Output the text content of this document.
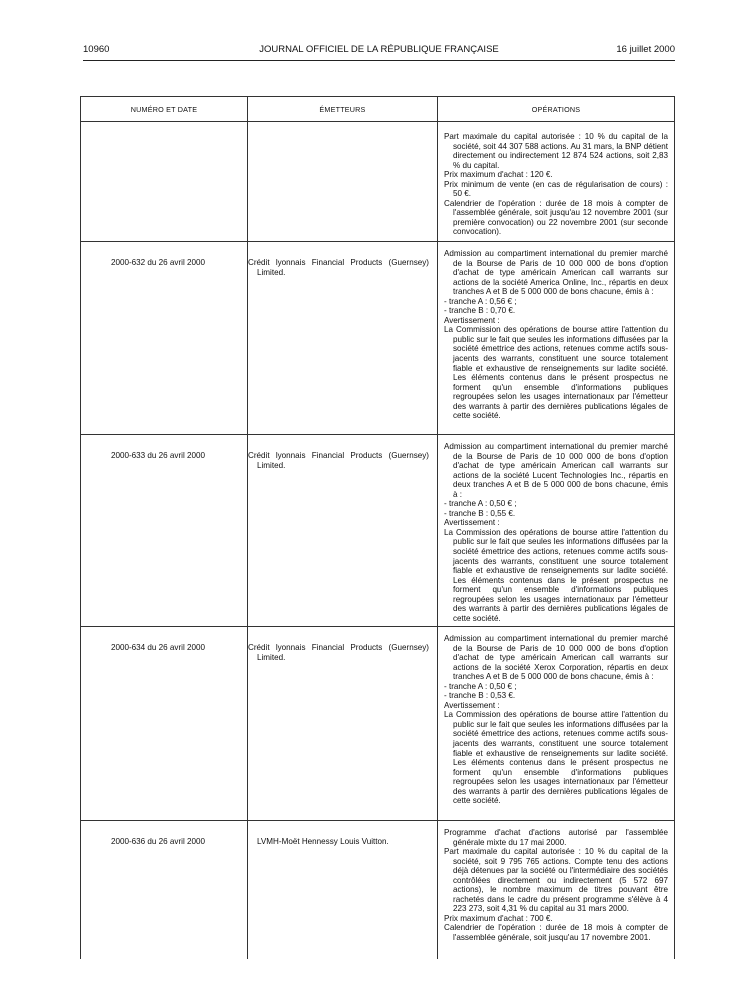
10960	JOURNAL OFFICIEL DE LA RÉPUBLIQUE FRANÇAISE	16 juillet 2000
NUMÉRO ET DATE	ÉMETTEURS	OPÉRATIONS

		Part maximale du capital autorisée : 10 % du capital de la société, soit 44 307 588 actions. Au 31 mars, la BNP détient directement ou indirectement 12 874 524 actions, soit 2,83 % du capital.

Prix maximum d'achat : 120 €.

Prix minimum de vente (en cas de régularisation de cours) : 50 €.

Calendrier de l'opération : durée de 18 mois à compter de l'assemblée générale, soit jusqu'au 12 novembre 2001 (sur première convocation) ou 22 novembre 2001 (sur seconde convocation).

2000-632 du 26 avril 2000	Crédit lyonnais Financial Products (Guernsey) Limited.	Admission au compartiment international du premier marché de la Bourse de Paris de 10 000 000 de bons d'option d'achat de type américain American call warrants sur actions de la société America Online, Inc., répartis en deux tranches A et B de 5 000 000 de bons chacune, émis à :

- tranche A : 0,56 € ;

- tranche B : 0,70 €.

Avertissement :

La Commission des opérations de bourse attire l'attention du public sur le fait que seules les informations diffusées par la société émettrice des actions, retenues comme actifs sous-jacents des warrants, constituent une source totalement fiable et exhaustive de renseignements sur ladite société. Les éléments contenus dans le présent prospectus ne forment qu'un ensemble d'informations publiques regroupées selon les usages internationaux par l'émetteur des warrants à partir des dernières publications légales de cette société.

2000-633 du 26 avril 2000	Crédit lyonnais Financial Products (Guernsey) Limited.	Admission au compartiment international du premier marché de la Bourse de Paris de 10 000 000 de bons d'option d'achat de type américain American call warrants sur actions de la société Lucent Technologies Inc., répartis en deux tranches A et B de 5 000 000 de bons chacune, émis à :

- tranche A : 0,50 € ;

- tranche B : 0,55 €.

Avertissement :

La Commission des opérations de bourse attire l'attention du public sur le fait que seules les informations diffusées par la société émettrice des actions, retenues comme actifs sous-jacents des warrants, constituent une source totalement fiable et exhaustive de renseignements sur ladite société. Les éléments contenus dans le présent prospectus ne forment qu'un ensemble d'informations publiques regroupées selon les usages internationaux par l'émetteur des warrants à partir des dernières publications légales de cette société.

2000-634 du 26 avril 2000	Crédit lyonnais Financial Products (Guernsey) Limited.	Admission au compartiment international du premier marché de la Bourse de Paris de 10 000 000 de bons d'option d'achat de type américain American call warrants sur actions de la société Xerox Corporation, répartis en deux tranches A et B de 5 000 000 de bons chacune, émis à :

- tranche A : 0,50 € ;

- tranche B : 0,53 €.

Avertissement :

La Commission des opérations de bourse attire l'attention du public sur le fait que seules les informations diffusées par la société émettrice des actions, retenues comme actifs sous-jacents des warrants, constituent une source totalement fiable et exhaustive de renseignements sur ladite société. Les éléments contenus dans le présent prospectus ne forment qu'un ensemble d'informations publiques regroupées selon les usages internationaux par l'émetteur des warrants à partir des dernières publications légales de cette société.

2000-636 du 26 avril 2000	LVMH-Moët Hennessy Louis Vuitton.	Programme d'achat d'actions autorisé par l'assemblée générale mixte du 17 mai 2000.

Part maximale du capital autorisée : 10 % du capital de la société, soit 9 795 765 actions. Compte tenu des actions déjà détenues par la société ou l'intermédiaire des sociétés contrôlées directement ou indirectement (5 572 697 actions), le nombre maximum de titres pouvant être rachetés dans le cadre du présent programme s'élève à 4 223 273, soit 4,31 % du capital au 31 mars 2000.

Prix maximum d'achat : 700 €.

Calendrier de l'opération : durée de 18 mois à compter de l'assemblée générale, soit jusqu'au 17 novembre 2001.
